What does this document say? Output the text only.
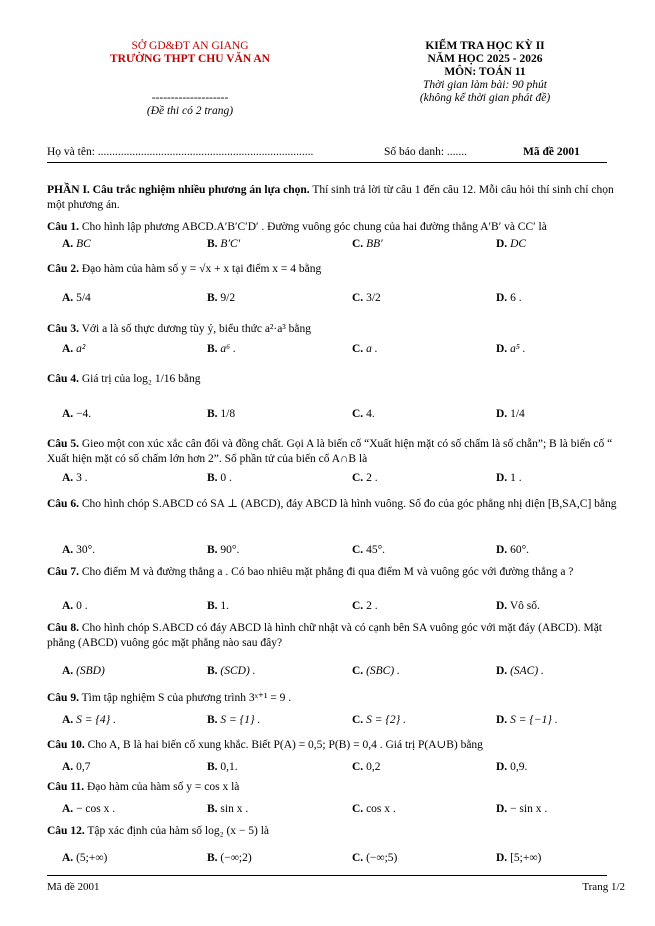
SỞ GD&ĐT AN GIANG
TRƯỜNG THPT CHU VĂN AN
--------------------
(Đề thi có 2 trang)
KIỂM TRA HỌC KỲ II
NĂM HỌC 2025 - 2026
MÔN: TOÁN 11
Thời gian làm bài: 90 phút
(không kể thời gian phát đề)
Họ và tên: ...........................................................................	Số báo danh: .......	Mã đề 2001
PHẦN I. Câu trắc nghiệm nhiều phương án lựa chọn. Thí sinh trả lời từ câu 1 đến câu 12. Mỗi câu hỏi thí sinh chỉ chọn một phương án.
Câu 1. Cho hình lập phương ABCD.A′B′C′D′ . Đường vuông góc chung của hai đường thẳng A′B′ và CC′ là
A. BC	B. B′C′	C. BB′	D. DC
Câu 2. Đạo hàm của hàm số y = √x + x tại điểm x = 4 bằng
A. 5/4	B. 9/2	C. 3/2	D. 6 .
Câu 3. Với a là số thực dương tùy ý, biểu thức a²·a³ bằng
A. a²	B. a⁶ .	C. a .	D. a⁵ .
Câu 4. Giá trị của log₂ 1/16 bằng
A. −4.	B. 1/8	C. 4.	D. 1/4
Câu 5. Gieo một con xúc xắc cân đối và đồng chất. Gọi A là biến cố “Xuất hiện mặt có số chấm là số chẵn”; B là biến cố “ Xuất hiện mặt có số chấm lớn hơn 2”. Số phần tử của biến cố A∩B là
A. 3 .	B. 0 .	C. 2 .	D. 1 .
Câu 6. Cho hình chóp S.ABCD có SA ⊥ (ABCD), đáy ABCD là hình vuông. Số đo của góc phẳng nhị diện [B,SA,C] bằng
A. 30°.	B. 90°.	C. 45°.	D. 60°.
Câu 7. Cho điểm M và đường thẳng a . Có bao nhiêu mặt phẳng đi qua điểm M và vuông góc với đường thẳng a ?
A. 0 .	B. 1.	C. 2 .	D. Vô số.
Câu 8. Cho hình chóp S.ABCD có đáy ABCD là hình chữ nhật và có cạnh bên SA vuông góc với mặt đáy (ABCD). Mặt phẳng (ABCD) vuông góc mặt phẳng nào sau đây?
A. (SBD)	B. (SCD) .	C. (SBC) .	D. (SAC) .
Câu 9. Tìm tập nghiệm S của phương trình 3ˣ⁺¹ = 9 .
A. S = {4} .	B. S = {1} .	C. S = {2} .	D. S = {−1} .
Câu 10. Cho A, B là hai biến cố xung khắc. Biết P(A) = 0,5; P(B) = 0,4 . Giá trị P(A∪B) bằng
A. 0,7	B. 0,1.	C. 0,2	D. 0,9.
Câu 11. Đạo hàm của hàm số y = cos x là
A. − cos x .	B. sin x .	C. cos x .	D. − sin x .
Câu 12. Tập xác định của hàm số log₂ (x − 5) là
A. (5;+∞)	B. (−∞;2)	C. (−∞;5)	D. [5;+∞)
Mã đề 2001	Trang 1/2
